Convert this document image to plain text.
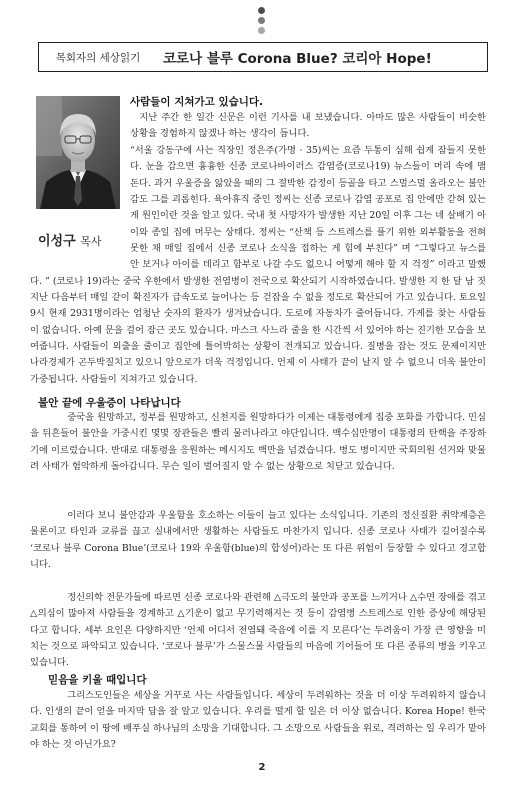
목회자의 세상읽기	코로나 블루 Corona Blue? 코리아 Hope!
이성구 목사
사람들이 지쳐가고 있습니다.

지난 주간 한 일간 신문은 이런 기사를 내 보냈습니다. 아마도 많은 사람들이 비슷한 상황을 경험하지 않겠나 하는 생각이 듭니다.

“서울 강동구에 사는 직장인 정은주(가명 · 35)씨는 요즘 두통이 심해 쉽게 잠들지 못한다. 눈을 감으면 흉흉한 신종 코로나바이러스 감염증(코로나19) 뉴스들이 머리 속에 맴돈다. 과거 우울증을 앓았을 때의 그 절박한 감정이 등골을 타고 스멀스멀 올라오는 불안감도 그를 괴롭힌다. 육아휴직 중인 정씨는 신종 코로나 감염 공포로 집 안에만 갇혀 있는 게 원인이란 것을 알고 있다. 국내 첫 사망자가 발생한 지난 20일 이후 그는 네 살배기 아이와 종일 집에 머무는 상태다. 정씨는 “산책 등 스트레스를 풀기 위한 외부활동을 전혀 못한 채 매일 집에서 신종 코로나 소식을 접하는 게 힘에 부친다” 며 “그렇다고 뉴스를 안 보거나 아이를 데리고 함부로 나갈 수도 없으니 어떻게 해야 할 지 걱정” 이라고 말했다. ” (코로나 19)라는 중국 우한에서 발생한 전염병이 전국으로 확산되기 시작하였습니다. 발생한 지 한 달 남 짓 지난 다음부터 매일 같이 확진자가 급속도로 늘어나는 등 걷잡을 수 없을 정도로 확산되어 가고 있습니다. 토요일 9시 현재 2931명이라는 엄청난 숫자의 환자가 생겨났습니다. 도로에 자동차가 줄어듭니다. 가게를 찾는 사람들이 없습니다. 아예 문을 걸어 잠근 곳도 있습니다. 마스크 사느라 줄을 한 시간씩 서 있어야 하는 진기한 모습을 보여줍니다. 사람들이 외출을 줄이고 집안에 틀어박히는 상황이 전개되고 있습니다. 질병을 잡는 것도 문제이지만 나라경제가 곤두박질치고 있으니 앞으로가 더욱 걱정입니다. 언제 이 사태가 끝이 날지 알 수 없으니 더욱 불안이 가중됩니다. 사람들이 지쳐가고 있습니다.

불안 끝에 우울증이 나타납니다

중국을 원망하고, 정부를 원망하고, 신천지를 원망하다가 이제는 대통령에게 집중 포화를 가합니다. 민심을 뒤흔들어 불안을 가중시킨 몇몇 장관들은 빨리 물러나라고 야단입니다. 백수십만명이 대통령의 탄핵을 주장하기에 이르렀습니다. 반대로 대통령을 응원하는 메시지도 백만을 넘겼습니다. 병도 병이지만 국회의원 선거와 맞물려 사태가 험악하게 돌아갑니다. 무슨 일이 벌어질지 알 수 없는 상황으로 치닫고 있습니다.

이러다 보니 불안감과 우울함을 호소하는 이들이 늘고 있다는 소식입니다. 기존의 정신질환 취약계층은 물론이고 타인과 교류를 끊고 실내에서만 생활하는 사람들도 마찬가지 입니다. 신종 코로나 사태가 길어질수록 ‘코로나 블루 Corona Blue’(코로나 19와 우울함(blue)의 합성어)라는 또 다른 위험이 등장할 수 있다고 경고합니다.

정신의학 전문가들에 따르면 신종 코로나와 관련해 △극도의 불안과 공포를 느끼거나 △수면 장애를 겪고 △의심이 많아져 사람들을 경계하고 △기운이 없고 무기력해지는 것 등이 감염병 스트레스로 인한 증상에 해당된다고 합니다. 세부 요인은 다양하지만 ‘언제 어디서 전염돼 죽음에 이를 지 모른다’는 두려움이 가장 큰 영향을 미치는 것으로 파악되고 있습니다. ‘코로나 블루’가 스물스물 사람들의 마음에 기어들어 또 다른 종류의 병을 키우고 있습니다.

믿음을 키울 때입니다

그리스도인들은 세상을 거꾸로 사는 사람들입니다. 세상이 두려워하는 것을 더 이상 두려워하지 않습니다. 인생의 끝이 얻을 마지막 답을 잘 알고 있습니다. 우리를 떨게 할 일은 더 이상 없습니다. Korea Hope! 한국교회를 통하여 이 땅에 배푸실 하나님의 소망을 기대합니다. 그 소망으로 사람들을 위로, 격려하는 일 우리가 맡아야 하는 것 아닌가요?

2
